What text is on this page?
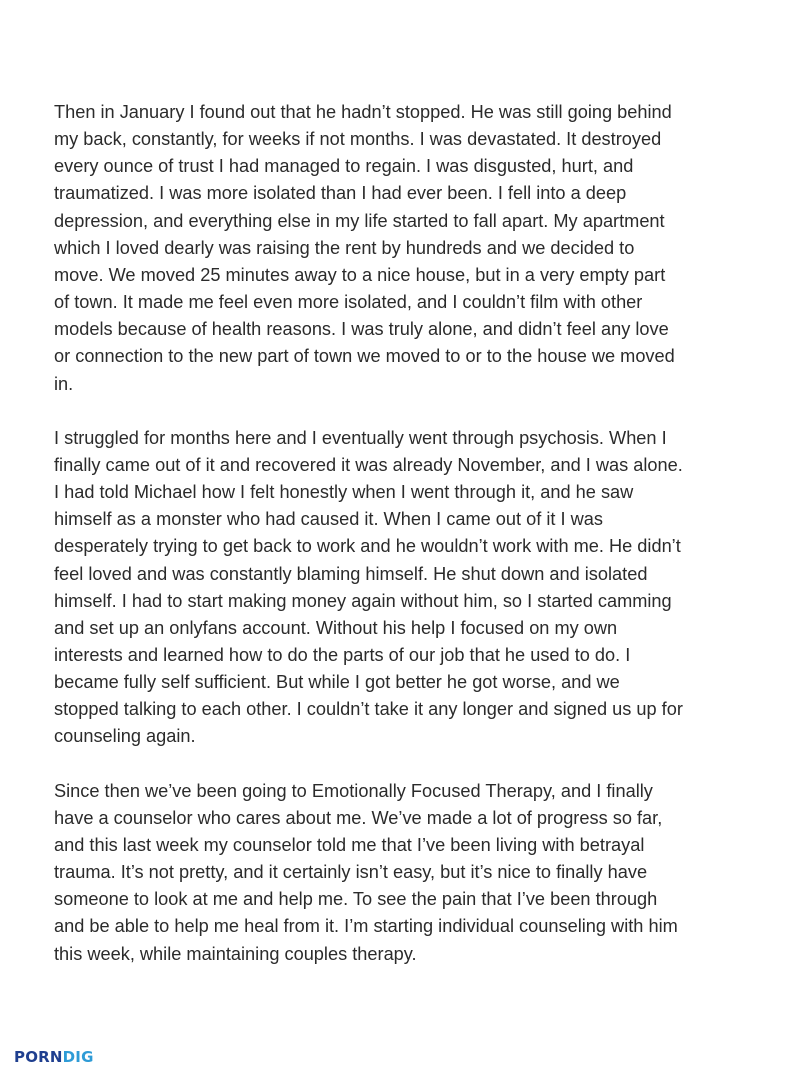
Then in January I found out that he hadn’t stopped. He was still going behind
my back, constantly, for weeks if not months. I was devastated. It destroyed
every ounce of trust I had managed to regain. I was disgusted, hurt, and
traumatized. I was more isolated than I had ever been. I fell into a deep
depression, and everything else in my life started to fall apart. My apartment
which I loved dearly was raising the rent by hundreds and we decided to
move. We moved 25 minutes away to a nice house, but in a very empty part
of town. It made me feel even more isolated, and I couldn’t film with other
models because of health reasons. I was truly alone, and didn’t feel any love
or connection to the new part of town we moved to or to the house we moved
in.

I struggled for months here and I eventually went through psychosis. When I
finally came out of it and recovered it was already November, and I was alone.
I had told Michael how I felt honestly when I went through it, and he saw
himself as a monster who had caused it. When I came out of it I was
desperately trying to get back to work and he wouldn’t work with me. He didn’t
feel loved and was constantly blaming himself. He shut down and isolated
himself. I had to start making money again without him, so I started camming
and set up an onlyfans account. Without his help I focused on my own
interests and learned how to do the parts of our job that he used to do. I
became fully self sufficient. But while I got better he got worse, and we
stopped talking to each other. I couldn’t take it any longer and signed us up for
counseling again.

Since then we’ve been going to Emotionally Focused Therapy, and I finally
have a counselor who cares about me. We’ve made a lot of progress so far,
and this last week my counselor told me that I’ve been living with betrayal
trauma. It’s not pretty, and it certainly isn’t easy, but it’s nice to finally have
someone to look at me and help me. To see the pain that I’ve been through
and be able to help me heal from it. I’m starting individual counseling with him
this week, while maintaining couples therapy.

PORNDIG
